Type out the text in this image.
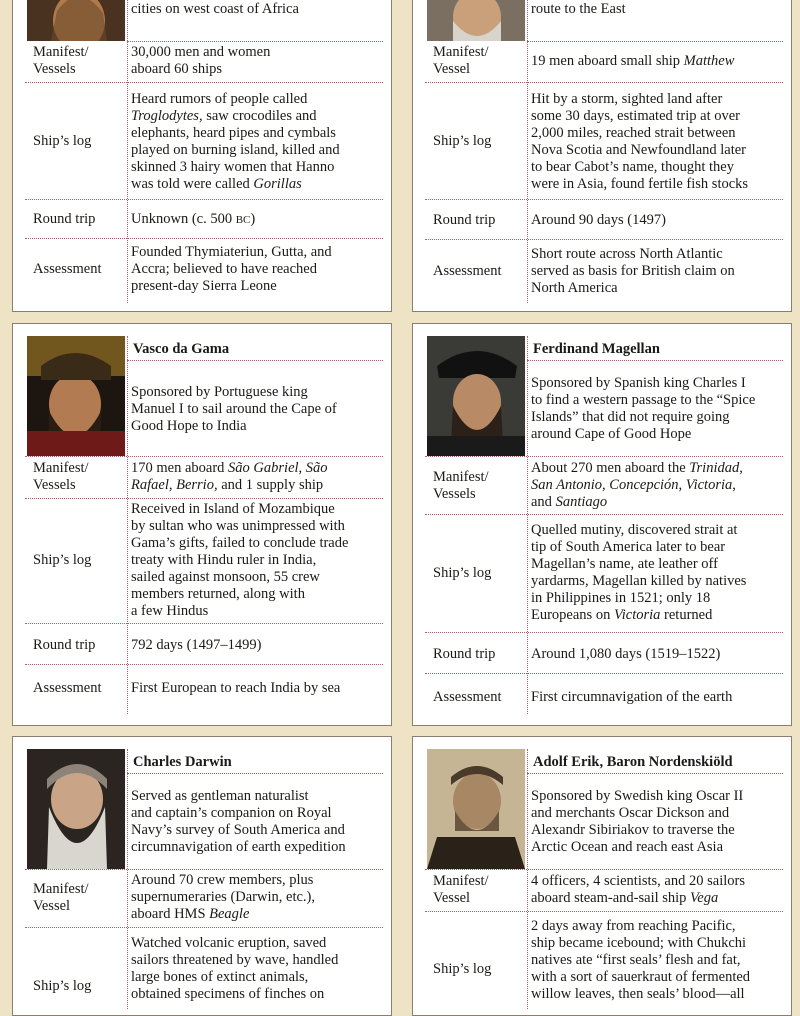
cities on west coast of Africa
Manifest/
Vessels
30,000 men and women
aboard 60 ships
Ship’s log
Heard rumors of people called
Troglodytes, saw crocodiles and
elephants, heard pipes and cymbals
played on burning island, killed and
skinned 3 hairy women that Hanno
was told were called Gorillas
Round trip Unknown (c. 500 BC)
Assessment
Founded Thymiateriun, Gutta, and
Accra; believed to have reached
present-day Sierra Leone
route to the East
Manifest/
Vessel	19 men aboard small ship Matthew
Ship’s log
Hit by a storm, sighted land after
some 30 days, estimated trip at over
2,000 miles, reached strait between
Nova Scotia and Newfoundland later
to bear Cabot’s name, thought they
were in Asia, found fertile fish stocks
Round trip Around 90 days (1497)
Assessment
Short route across North Atlantic
served as basis for British claim on
North America
Vasco da Gama
Sponsored by Portuguese king
Manuel I to sail around the Cape of
Good Hope to India
Manifest/
Vessels
170 men aboard São Gabriel, São
Rafael, Berrio, and 1 supply ship
Ship’s log
Received in Island of Mozambique
by sultan who was unimpressed with
Gama’s gifts, failed to conclude trade
treaty with Hindu ruler in India,
sailed against monsoon, 55 crew
members returned, along with
a few Hindus
Round trip 792 days (1497–1499)
Assessment First European to reach India by sea
Ferdinand Magellan
Sponsored by Spanish king Charles I
to find a western passage to the “Spice
Islands” that did not require going
around Cape of Good Hope
Manifest/
Vessels
About 270 men aboard the Trinidad,
San Antonio, Concepción, Victoria,
and Santiago
Ship’s log
Quelled mutiny, discovered strait at
tip of South America later to bear
Magellan’s name, ate leather off
yardarms, Magellan killed by natives
in Philippines in 1521; only 18
Europeans on Victoria returned
Round trip Around 1,080 days (1519–1522)
Assessment First circumnavigation of the earth
Charles Darwin
Served as gentleman naturalist
and captain’s companion on Royal
Navy’s survey of South America and
circumnavigation of earth expedition
Manifest/
Vessel
Around 70 crew members, plus
supernumeraries (Darwin, etc.),
aboard HMS Beagle
Ship’s log
Watched volcanic eruption, saved
sailors threatened by wave, handled
large bones of extinct animals,
obtained specimens of finches on
Adolf Erik, Baron Nordenskiöld
Sponsored by Swedish king Oscar II
and merchants Oscar Dickson and
Alexandr Sibiriakov to traverse the
Arctic Ocean and reach east Asia
Manifest/
Vessel
4 officers, 4 scientists, and 20 sailors
aboard steam-and-sail ship Vega
Ship’s log
2 days away from reaching Pacific,
ship became icebound; with Chukchi
natives ate “first seals’ flesh and fat,
with a sort of sauerkraut of fermented
willow leaves, then seals’ blood—all
